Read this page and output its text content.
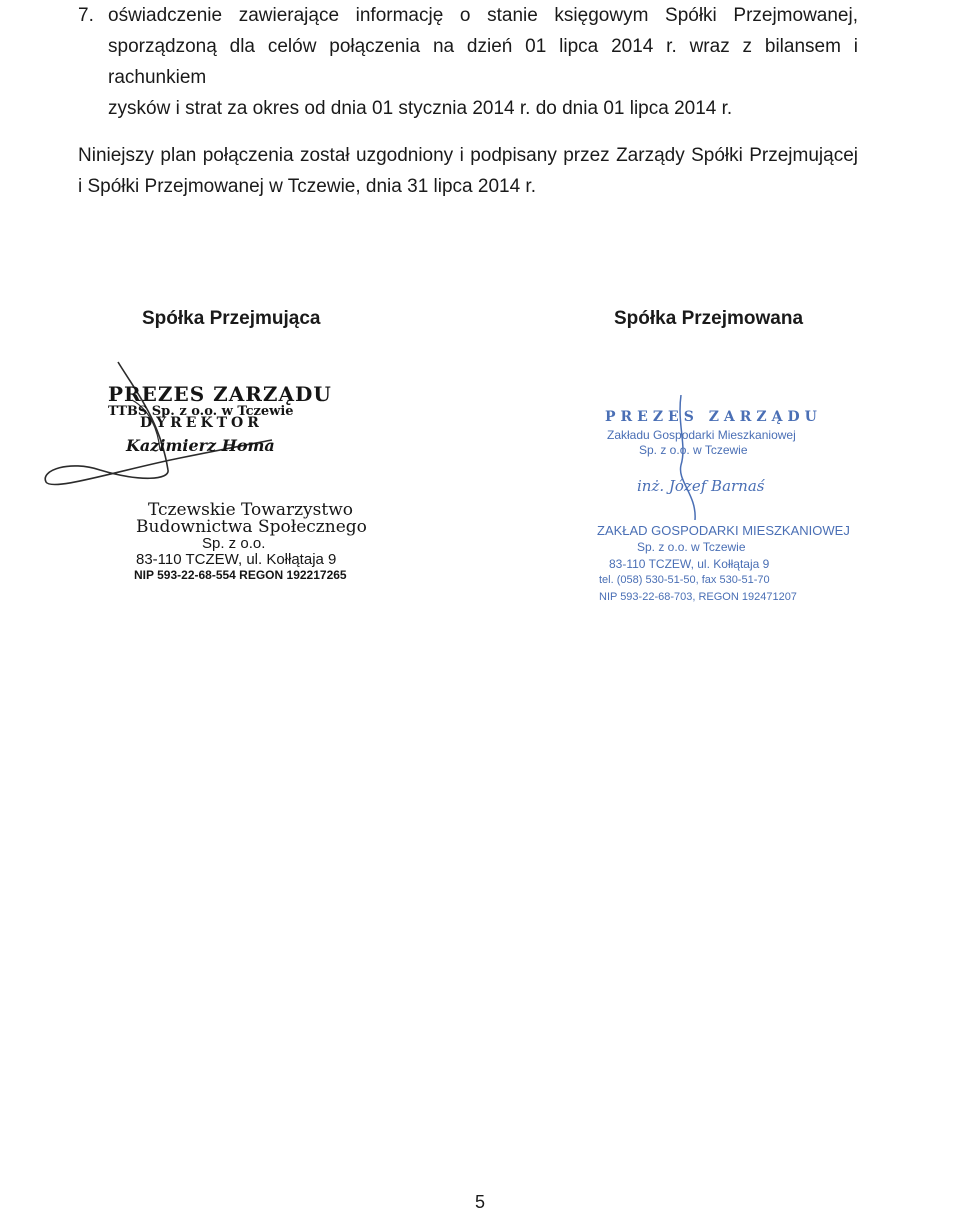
7. oświadczenie zawierające informację o stanie księgowym Spółki Przejmowanej,
sporządzoną dla celów połączenia na dzień 01 lipca 2014 r. wraz z bilansem i rachunkiem
zysków i strat za okres od dnia 01 stycznia 2014 r. do dnia 01 lipca 2014 r.
Niniejszy plan połączenia został uzgodniony i podpisany przez Zarządy Spółki Przejmującej
i Spółki Przejmowanej w Tczewie, dnia 31 lipca 2014 r.
Spółka Przejmująca	Spółka Przejmowana
PREZES ZARZĄDU
TTBS Sp. z o.o. w Tczewie
DYREKTOR
Kazimierz Homa
Tczewskie Towarzystwo
Budownictwa Społecznego
Sp. z o.o.
83-110 TCZEW, ul. Kołłątaja 9
NIP 593-22-68-554 REGON 192217265
PREZES ZARZĄDU
Zakładu Gospodarki Mieszkaniowej
Sp. z o.o. w Tczewie
inż. Józef Barnaś
ZAKŁAD GOSPODARKI MIESZKANIOWEJ
Sp. z o.o. w Tczewie
83-110 TCZEW, ul. Kołłątaja 9
tel. (058) 530-51-50, fax 530-51-70
NIP 593-22-68-703, REGON 192471207
5
